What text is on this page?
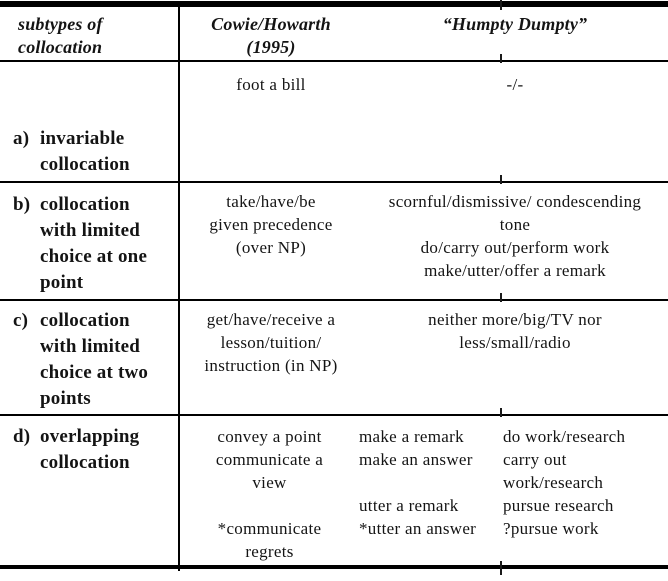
subtypes of
collocation
Cowie/Howarth
(1995)
“Humpty Dumpty”
a) invariable
collocation
foot a bill	-/-
b) collocation
with limited
choice at one
point
take/have/be
given precedence
(over NP)
scornful/dismissive/ condescending
tone
do/carry out/perform work
make/utter/offer a remark
c) collocation
with limited
choice at two
points
get/have/receive a
lesson/tuition/
instruction (in NP)
neither more/big/TV nor
less/small/radio
d) overlapping
collocation
convey a point
communicate a
view

*communicate
regrets
make a remark
make an answer

utter a remark
*utter an answer
do work/research
carry out
work/research
pursue research
?pursue work
